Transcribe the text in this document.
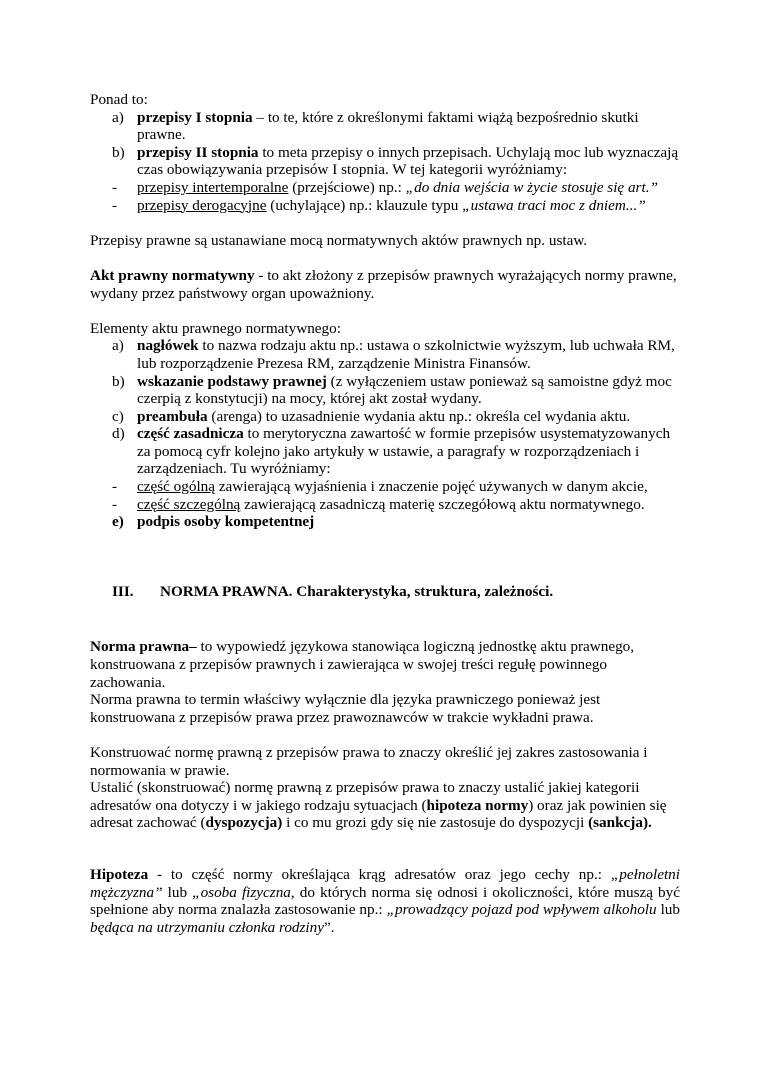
Ponad to:

a) przepisy I stopnia – to te, które z określonymi faktami wiążą bezpośrednio skutki prawne.
b) przepisy II stopnia to meta przepisy o innych przepisach. Uchylają moc lub wyznaczają czas obowiązywania przepisów I stopnia. W tej kategorii wyróżniamy:
- przepisy intertemporalne (przejściowe) np.: „do dnia wejścia w życie stosuje się art.”
- przepisy derogacyjne (uchylające) np.: klauzule typu „ustawa traci moc z dniem...”

Przepisy prawne są ustanawiane mocą normatywnych aktów prawnych np. ustaw.

Akt prawny normatywny - to akt złożony z przepisów prawnych wyrażających normy prawne, wydany przez państwowy organ upoważniony.

Elementy aktu prawnego normatywnego:

a) nagłówek to nazwa rodzaju aktu np.: ustawa o szkolnictwie wyższym, lub uchwała RM, lub rozporządzenie Prezesa RM, zarządzenie Ministra Finansów.
b) wskazanie podstawy prawnej (z wyłączeniem ustaw ponieważ są samoistne gdyż moc czerpią z konstytucji) na mocy, której akt został wydany.
c) preambuła (arenga) to uzasadnienie wydania aktu np.: określa cel wydania aktu.
d) część zasadnicza to merytoryczna zawartość w formie przepisów usystematyzowanych za pomocą cyfr kolejno jako artykuły w ustawie, a paragrafy w rozporządzeniach i zarządzeniach. Tu wyróżniamy:
- część ogólną zawierającą wyjaśnienia i znaczenie pojęć używanych w danym akcie,
- część szczególną zawierającą zasadniczą materię szczegółową aktu normatywnego.
e) podpis osoby kompetentnej
III. NORMA PRAWNA. Charakterystyka, struktura, zależności.

Norma prawna– to wypowiedź językowa stanowiąca logiczną jednostkę aktu prawnego, konstruowana z przepisów prawnych i zawierająca w swojej treści regułę powinnego zachowania.

Norma prawna to termin właściwy wyłącznie dla języka prawniczego ponieważ jest konstruowana z przepisów prawa przez prawoznawców w trakcie wykładni prawa.

Konstruować normę prawną z przepisów prawa to znaczy określić jej zakres zastosowania i normowania w prawie.

Ustalić (skonstruować) normę prawną z przepisów prawa to znaczy ustalić jakiej kategorii adresatów ona dotyczy i w jakiego rodzaju sytuacjach (hipoteza normy) oraz jak powinien się adresat zachować (dyspozycja) i co mu grozi gdy się nie zastosuje do dyspozycji (sankcja).

Hipoteza - to część normy określająca krąg adresatów oraz jego cechy np.: „pełnoletni mężczyzna” lub „osoba fizyczna, do których norma się odnosi i okoliczności, które muszą być spełnione aby norma znalazła zastosowanie np.: „prowadzący pojazd pod wpływem alkoholu lub będąca na utrzymaniu członka rodziny”.
